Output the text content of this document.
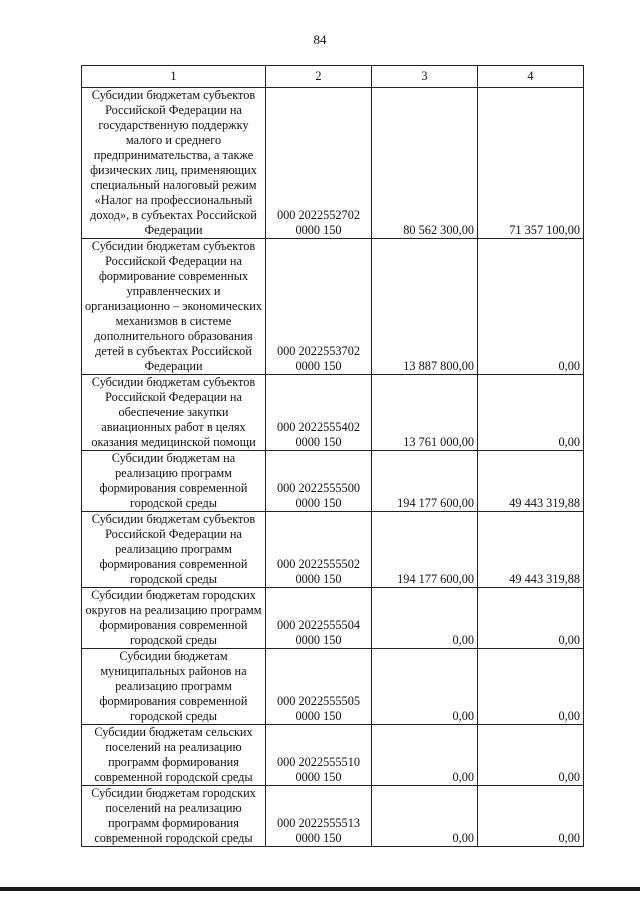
84
1	2	3	4
Субсидии бюджетам субъектов Российской Федерации на государственную поддержку малого и среднего предпринимательства, а также физических лиц, применяющих специальный налоговый режим «Налог на профессиональный доход», в субъектах Российской Федерации	000 2022552702 0000 150	80 562 300,00	71 357 100,00
Субсидии бюджетам субъектов Российской Федерации на формирование современных управленческих и организационно – экономических механизмов в системе дополнительного образования детей в субъектах Российской Федерации	000 2022553702 0000 150	13 887 800,00	0,00
Субсидии бюджетам субъектов Российской Федерации на обеспечение закупки авиационных работ в целях оказания медицинской помощи	000 2022555402 0000 150	13 761 000,00	0,00
Субсидии бюджетам на реализацию программ формирования современной городской среды	000 2022555500 0000 150	194 177 600,00	49 443 319,88
Субсидии бюджетам субъектов Российской Федерации на реализацию программ формирования современной городской среды	000 2022555502 0000 150	194 177 600,00	49 443 319,88
Субсидии бюджетам городских округов на реализацию программ формирования современной городской среды	000 2022555504 0000 150	0,00	0,00
Субсидии бюджетам муниципальных районов на реализацию программ формирования современной городской среды	000 2022555505 0000 150	0,00	0,00
Субсидии бюджетам сельских поселений на реализацию программ формирования современной городской среды	000 2022555510 0000 150	0,00	0,00
Субсидии бюджетам городских поселений на реализацию программ формирования современной городской среды	000 2022555513 0000 150	0,00	0,00
